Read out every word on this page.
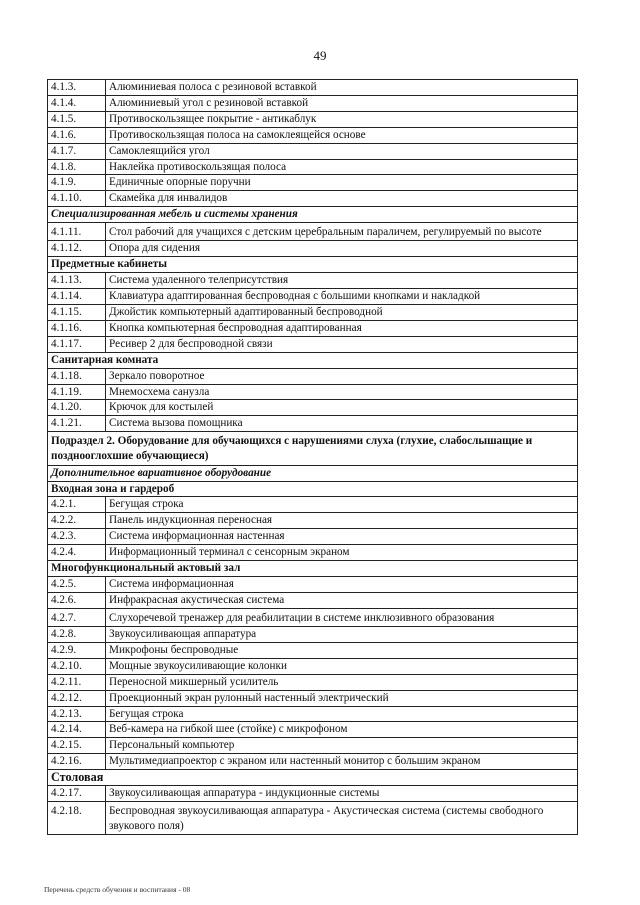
49
4.1.3.	Алюминиевая полоса с резиновой вставкой
4.1.4.	Алюминиевый угол с резиновой вставкой
4.1.5.	Противоскользящее покрытие - антикаблук
4.1.6.	Противоскользящая полоса на самоклеящейся основе
4.1.7.	Самоклеящийся угол
4.1.8.	Наклейка противоскользящая полоса
4.1.9.	Единичные опорные поручни
4.1.10.	Скамейка для инвалидов
Специализированная мебель и системы хранения	
4.1.11.	Стол рабочий для учащихся с детским церебральным параличем, регулируемый по высоте
4.1.12.	Опора для сидения
Предметные кабинеты	
4.1.13.	Система удаленного телеприсутствия
4.1.14.	Клавиатура адаптированная беспроводная с большими кнопками и накладкой
4.1.15.	Джойстик компьютерный адаптированный беспроводной
4.1.16.	Кнопка компьютерная беспроводная адаптированная
4.1.17.	Ресивер 2 для беспроводной связи
Санитарная комната	
4.1.18.	Зеркало поворотное
4.1.19.	Мнемосхема санузла
4.1.20.	Крючок для костылей
4.1.21.	Система вызова помощника
Подраздел 2. Оборудование для обучающихся с нарушениями слуха (глухие, слабослышащие и позднооглохшие обучающиеся)	
Дополнительное вариативное оборудование	
Входная зона и гардероб	
4.2.1.	Бегущая строка
4.2.2.	Панель индукционная переносная
4.2.3.	Система информационная настенная
4.2.4.	Информационный терминал с сенсорным экраном
Многофункциональный актовый зал	
4.2.5.	Система информационная
4.2.6.	Инфракрасная акустическая система
4.2.7.	Слухоречевой тренажер для реабилитации в системе инклюзивного образования
4.2.8.	Звукоусиливающая аппаратура
4.2.9.	Микрофоны беспроводные
4.2.10.	Мощные звукоусиливающие колонки
4.2.11.	Переносной микшерный усилитель
4.2.12.	Проекционный экран рулонный настенный электрический
4.2.13.	Бегущая строка
4.2.14.	Веб-камера на гибкой шее (стойке) с микрофоном
4.2.15.	Персональный компьютер
4.2.16.	Мультимедиапроектор с экраном или настенный монитор с большим экраном
Столовая	
4.2.17.	Звукоусиливающая аппаратура - индукционные системы
4.2.18.	Беспроводная звукоусиливающая аппаратура - Акустическая система (системы свободного звукового поля)
Перечень средств обучения и воспитания - 08
